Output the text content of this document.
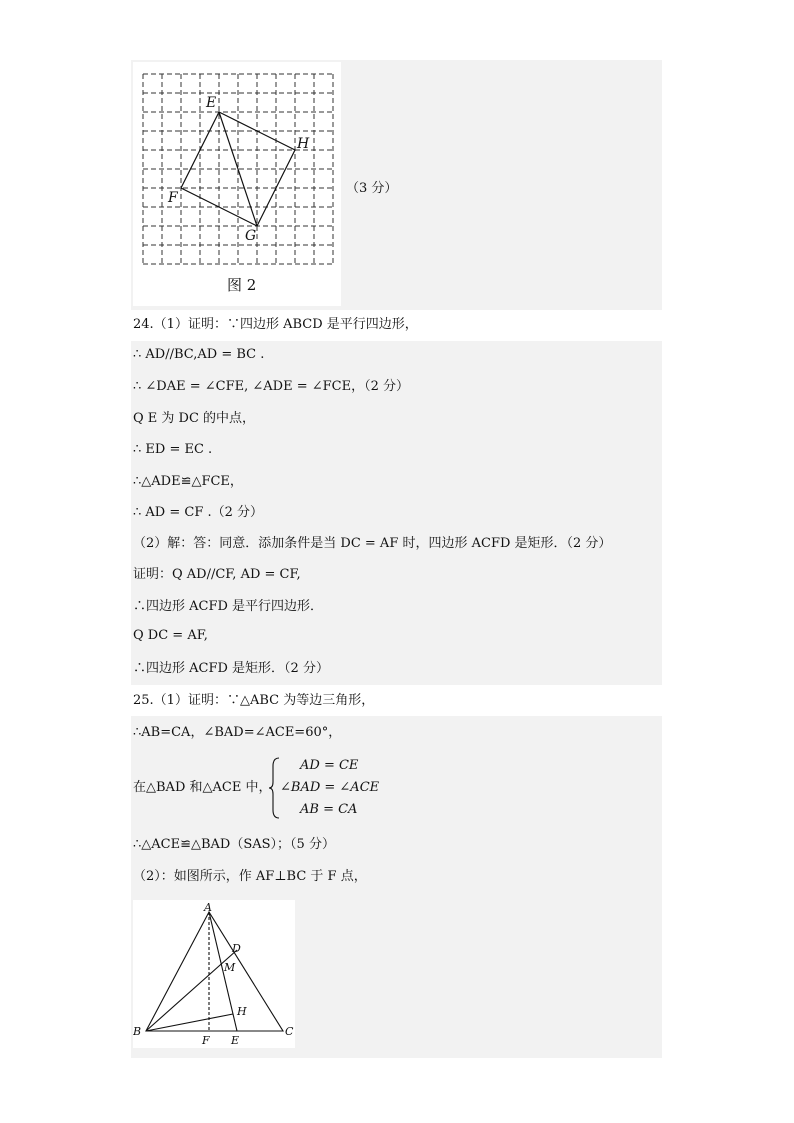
E
H
F
G
图 2
（3 分）
24.（1）证明：∵四边形 ABCD 是平行四边形，
∴ AD//BC,AD = BC .
∴ ∠DAE = ∠CFE, ∠ADE = ∠FCE，（2 分）
Q E 为 DC 的中点，
∴ ED = EC .
∴△ADE≌△FCE，
∴ AD = CF .（2 分）
（2）解：答：同意．添加条件是当 DC = AF 时，四边形 ACFD 是矩形．（2 分）
证明：Q AD//CF, AD = CF,
∴四边形 ACFD 是平行四边形．
Q DC = AF,
∴四边形 ACFD 是矩形．（2 分）
25.（1）证明：∵△ABC 为等边三角形，
∴AB=CA，∠BAD=∠ACE=60°，
在△BAD 和△ACE 中，
AD = CE
∠BAD = ∠ACE
AB = CA
∴△ACE≌△BAD（SAS）；（5 分）
（2）：如图所示，作 AF⊥BC 于 F 点，
A
D
M
H
B	C
F E
